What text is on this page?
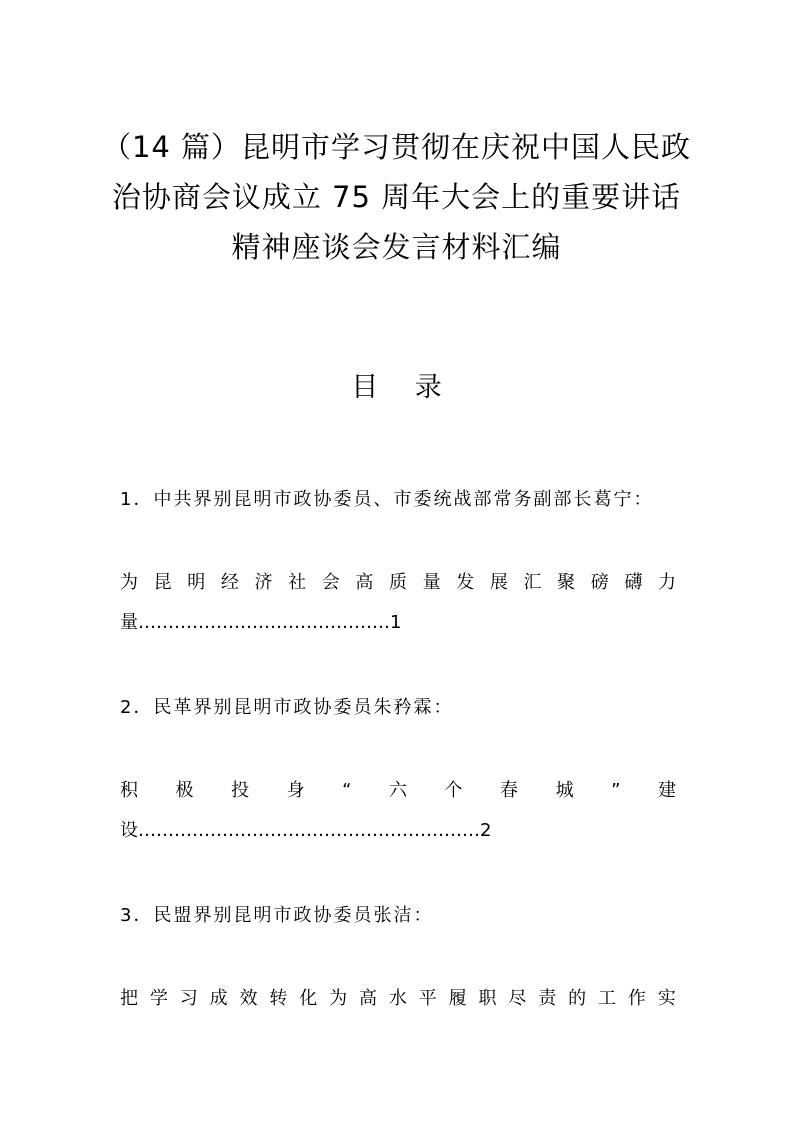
（14 篇）昆明市学习贯彻在庆祝中国人民政
治协商会议成立 75 周年大会上的重要讲话
精神座谈会发言材料汇编
目 录
1．中共界别昆明市政协委员、市委统战部常务副部长葛宁：
为 昆 明 经 济 社 会 高 质 量 发 展 汇 聚 磅 礴 力
量……………………………………1
2．民革界别昆明市政协委员朱矜霖：
积 极 投 身 “ 六 个 春 城 ” 建
设…………………………………………………2
3．民盟界别昆明市政协委员张洁：
把 学 习 成 效 转 化 为 高 水 平 履 职 尽 责 的 工 作 实
